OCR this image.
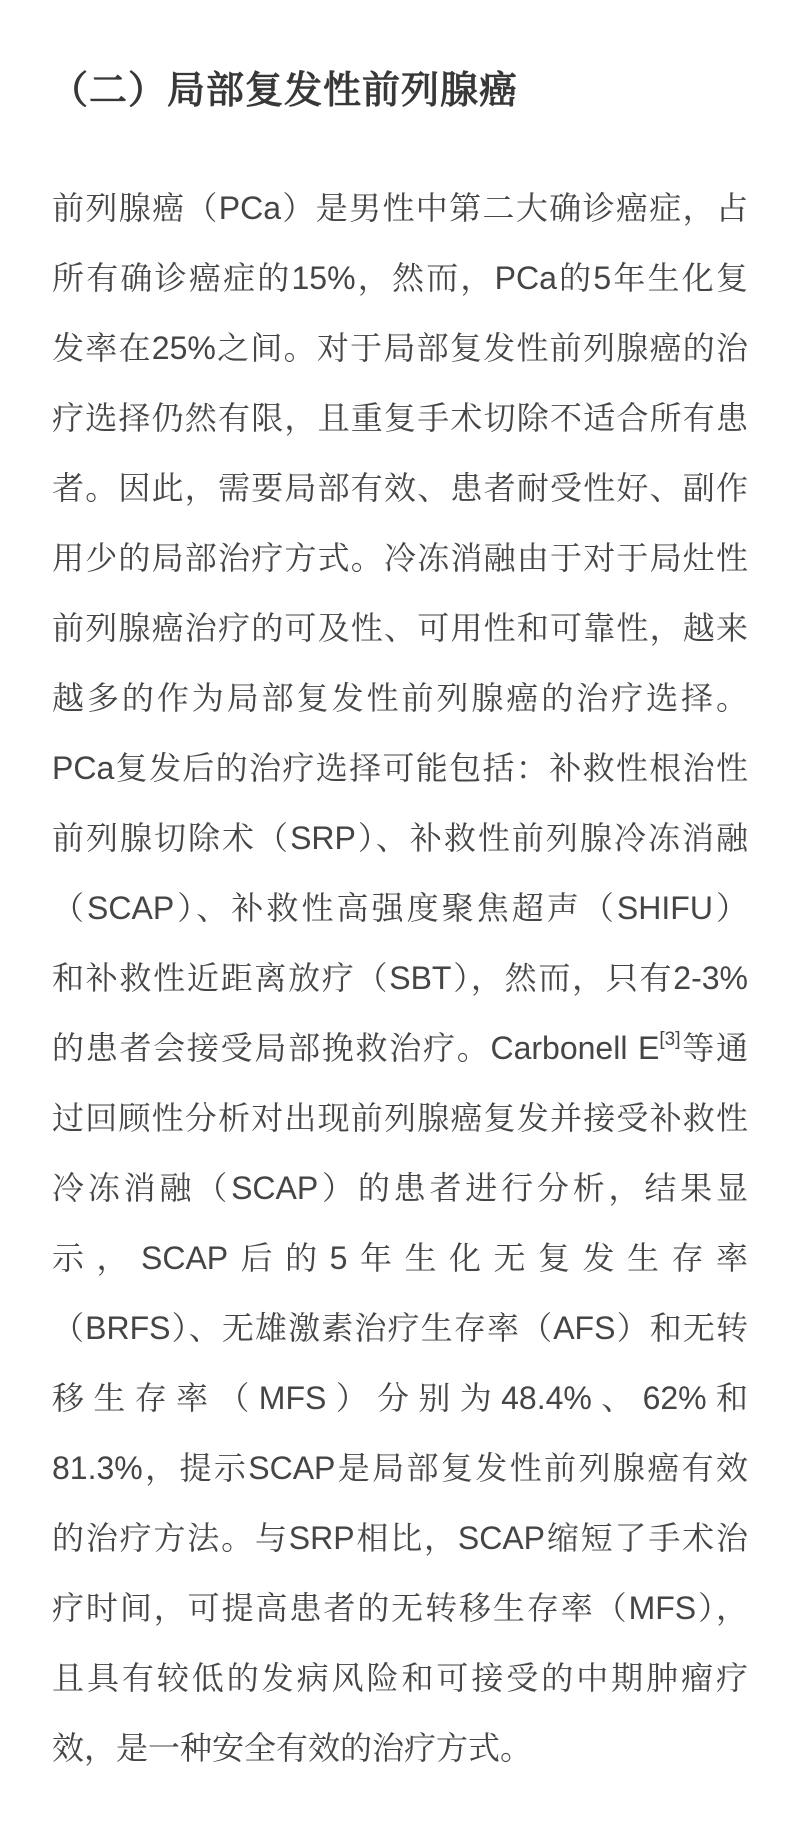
（二）局部复发性前列腺癌
前列腺癌（PCa）是男性中第二大确诊癌症，占
所有确诊癌症的15%，然而，PCa的5年生化复
发率在25%之间。对于局部复发性前列腺癌的治
疗选择仍然有限，且重复手术切除不适合所有患
者。因此，需要局部有效、患者耐受性好、副作
用少的局部治疗方式。冷冻消融由于对于局灶性
前列腺癌治疗的可及性、可用性和可靠性，越来
越多的作为局部复发性前列腺癌的治疗选择。
PCa复发后的治疗选择可能包括：补救性根治性
前列腺切除术（SRP）、补救性前列腺冷冻消融
（SCAP）、补救性高强度聚焦超声（SHIFU）
和补救性近距离放疗（SBT），然而，只有2-3%
的患者会接受局部挽救治疗。Carbonell E[3]等通
过回顾性分析对出现前列腺癌复发并接受补救性
冷冻消融（SCAP）的患者进行分析，结果显
示，SCAP后的5年生化无复发生存率
（BRFS）、无雄激素治疗生存率（AFS）和无转
移生存率（MFS）分别为48.4%、62%和
81.3%，提示SCAP是局部复发性前列腺癌有效
的治疗方法。与SRP相比，SCAP缩短了手术治
疗时间，可提高患者的无转移生存率（MFS），
且具有较低的发病风险和可接受的中期肿瘤疗
效，是一种安全有效的治疗方式。
